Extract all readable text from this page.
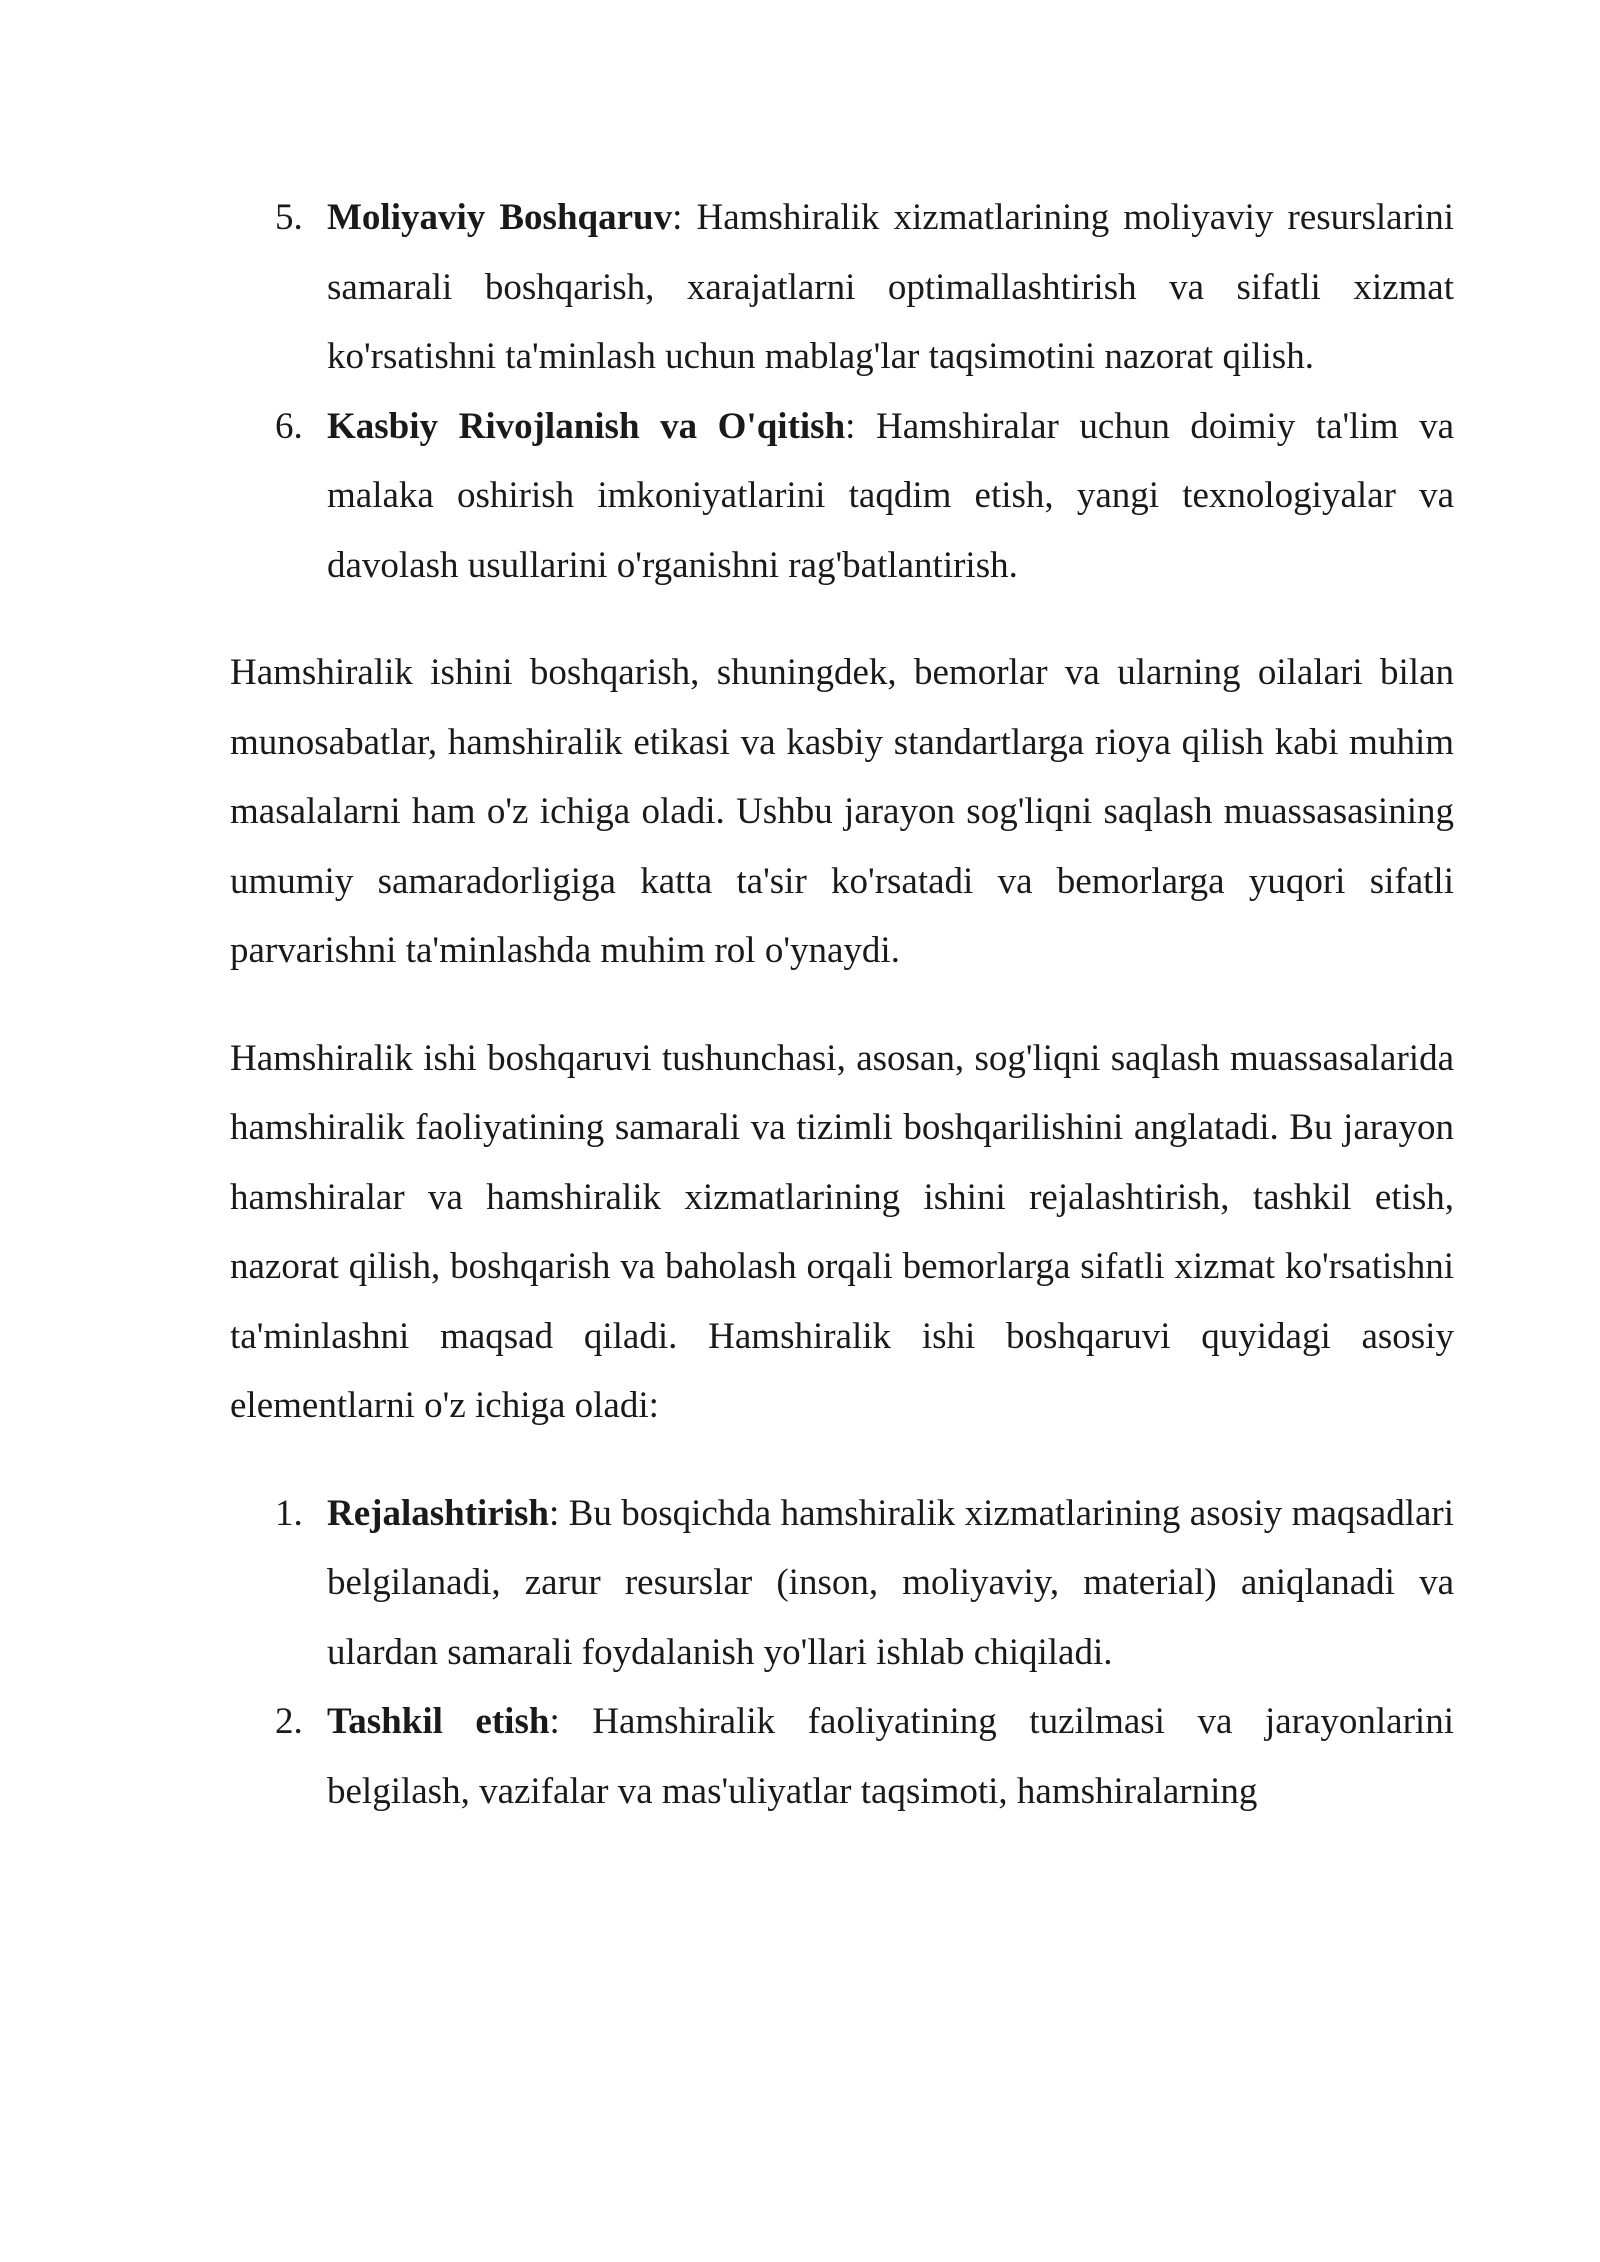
5. Moliyaviy Boshqaruv: Hamshiralik xizmatlarining moliyaviy resurslarini samarali boshqarish, xarajatlarni optimallashtirish va sifatli xizmat ko'rsatishni ta'minlash uchun mablag'lar taqsimotini nazorat qilish.
6. Kasbiy Rivojlanish va O'qitish: Hamshiralar uchun doimiy ta'lim va malaka oshirish imkoniyatlarini taqdim etish, yangi texnologiyalar va davolash usullarini o'rganishni rag'batlantirish.

Hamshiralik ishini boshqarish, shuningdek, bemorlar va ularning oilalari bilan munosabatlar, hamshiralik etikasi va kasbiy standartlarga rioya qilish kabi muhim masalalarni ham o'z ichiga oladi. Ushbu jarayon sog'liqni saqlash muassasasining umumiy samaradorligiga katta ta'sir ko'rsatadi va bemorlarga yuqori sifatli parvarishni ta'minlashda muhim rol o'ynaydi.

Hamshiralik ishi boshqaruvi tushunchasi, asosan, sog'liqni saqlash muassasalarida hamshiralik faoliyatining samarali va tizimli boshqarilishini anglatadi. Bu jarayon hamshiralar va hamshiralik xizmatlarining ishini rejalashtirish, tashkil etish, nazorat qilish, boshqarish va baholash orqali bemorlarga sifatli xizmat ko'rsatishni ta'minlashni maqsad qiladi. Hamshiralik ishi boshqaruvi quyidagi asosiy elementlarni o'z ichiga oladi:

1. Rejalashtirish: Bu bosqichda hamshiralik xizmatlarining asosiy maqsadlari belgilanadi, zarur resurslar (inson, moliyaviy, material) aniqlanadi va ulardan samarali foydalanish yo'llari ishlab chiqiladi.
2. Tashkil etish: Hamshiralik faoliyatining tuzilmasi va jarayonlarini belgilash, vazifalar va mas'uliyatlar taqsimoti, hamshiralarning
